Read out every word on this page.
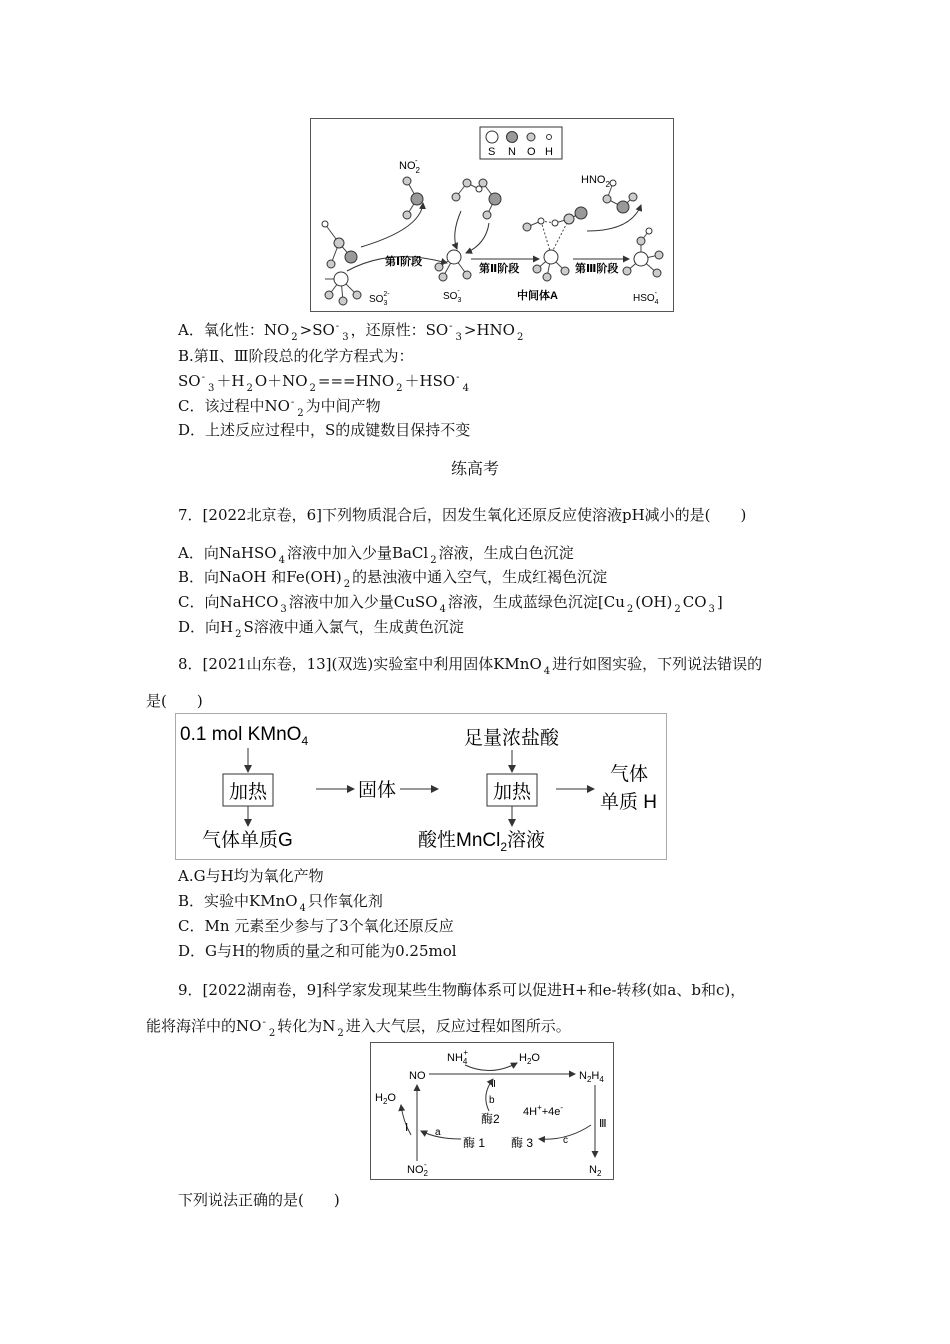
S N O H
$NO_2-$
$SO_32-$
第Ⅰ阶段
$SO_3-$
第Ⅱ阶段
中间体A
$HNO_2$
第Ⅲ阶段
$HSO_4-$
A．氧化性：NO $_2 >SO^-_3$ ，还原性：$SO^-_3 >HNO$ $_2$
B.第Ⅱ、Ⅲ阶段总的化学方程式为：
$SO^-_3 +H$ $_2$ O＋NO $_2$ ===HNO $_2 +HSO^-_4$
C．该过程中$NO^-_2$ 为中间产物
D．上述反应过程中，S的成键数目保持不变
练高考
7．[2022北京卷，6]下列物质混合后，因发生氧化还原反应使溶液pH减小的是(　　)
A．向NaHSO $_4$ 溶液中加入少量BaCl $_2$ 溶液，生成白色沉淀
B．向NaOH 和Fe(OH) $_2$ 的悬浊液中通入空气，生成红褐色沉淀
C．向NaHCO $_3$ 溶液中加入少量CuSO $_4$ 溶液，生成蓝绿色沉淀[Cu $_2$ (OH) $_2$ CO $_3$ ]
D．向H $_2$ S溶液中通入氯气，生成黄色沉淀
8．[2021山东卷，13](双选)实验室中利用固体KMnO $_4$ 进行如图实验，下列说法错误的
是(　　)
0.1 mol KMnO$_4$
加热
气体单质G
固体
足量浓盐酸
加热
酸性MnCl$_2$溶液
气体
单质 H
A.G与H均为氧化产物
B．实验中KMnO $_4$ 只作氧化剂
C．Mn 元素至少参与了3个氧化还原反应
D．G与H的物质的量之和可能为0.25mol
9．[2022湖南卷，9]科学家发现某些生物酶体系可以促进H+和e-转移(如a、b和c)，
能将海洋中的$NO^-_2$ 转化为N $_2$ 进入大气层，反应过程如图所示。
$NH_4+$	$H_2O$
NO
Ⅱ
$N_2H_4$
$H_2O$
Ⅰ	a
酶 1
酶2
b
酶 3
4H++4e-
c
Ⅲ
$NO_2-$	$N_2$
下列说法正确的是(　　)
